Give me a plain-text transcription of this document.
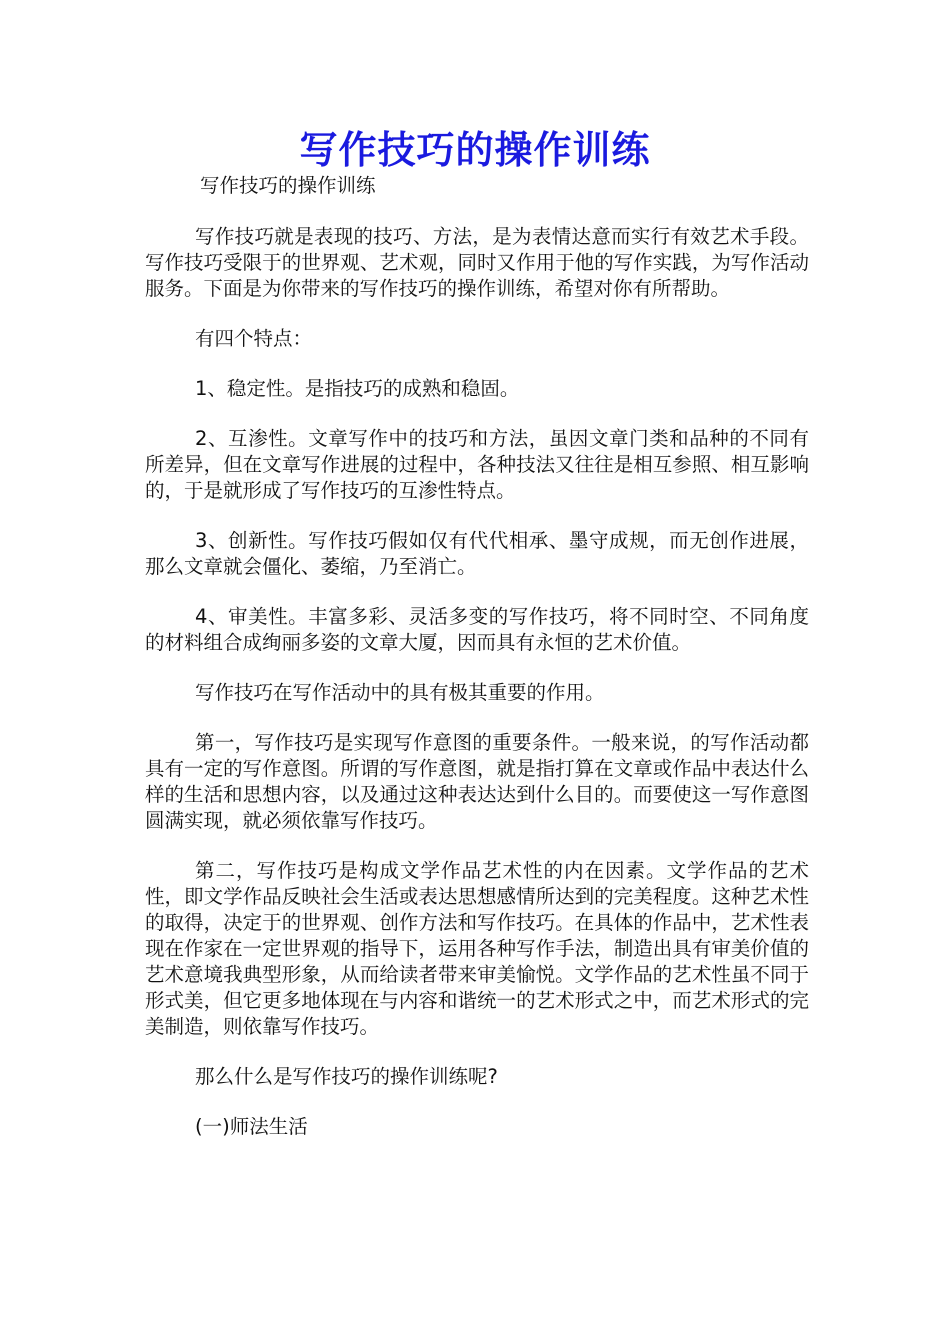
写作技巧的操作训练
写作技巧的操作训练

写作技巧就是表现的技巧、方法，是为表情达意而实行有效艺术手段。写作技巧受限于的世界观、艺术观，同时又作用于他的写作实践，为写作活动服务。下面是为你带来的写作技巧的操作训练，希望对你有所帮助。

有四个特点：

1、稳定性。是指技巧的成熟和稳固。

2、互渗性。文章写作中的技巧和方法，虽因文章门类和品种的不同有所差异，但在文章写作进展的过程中，各种技法又往往是相互参照、相互影响的，于是就形成了写作技巧的互渗性特点。

3、创新性。写作技巧假如仅有代代相承、墨守成规，而无创作进展，那么文章就会僵化、萎缩，乃至消亡。

4、审美性。丰富多彩、灵活多变的写作技巧，将不同时空、不同角度的材料组合成绚丽多姿的文章大厦，因而具有永恒的艺术价值。

写作技巧在写作活动中的具有极其重要的作用。

第一，写作技巧是实现写作意图的重要条件。一般来说，的写作活动都具有一定的写作意图。所谓的写作意图，就是指打算在文章或作品中表达什么样的生活和思想内容，以及通过这种表达达到什么目的。而要使这一写作意图圆满实现，就必须依靠写作技巧。

第二，写作技巧是构成文学作品艺术性的内在因素。文学作品的艺术性，即文学作品反映社会生活或表达思想感情所达到的完美程度。这种艺术性的取得，决定于的世界观、创作方法和写作技巧。在具体的作品中，艺术性表现在作家在一定世界观的指导下，运用各种写作手法，制造出具有审美价值的艺术意境我典型形象，从而给读者带来审美愉悦。文学作品的艺术性虽不同于形式美，但它更多地体现在与内容和谐统一的艺术形式之中，而艺术形式的完美制造，则依靠写作技巧。

那么什么是写作技巧的操作训练呢?

(一)师法生活
